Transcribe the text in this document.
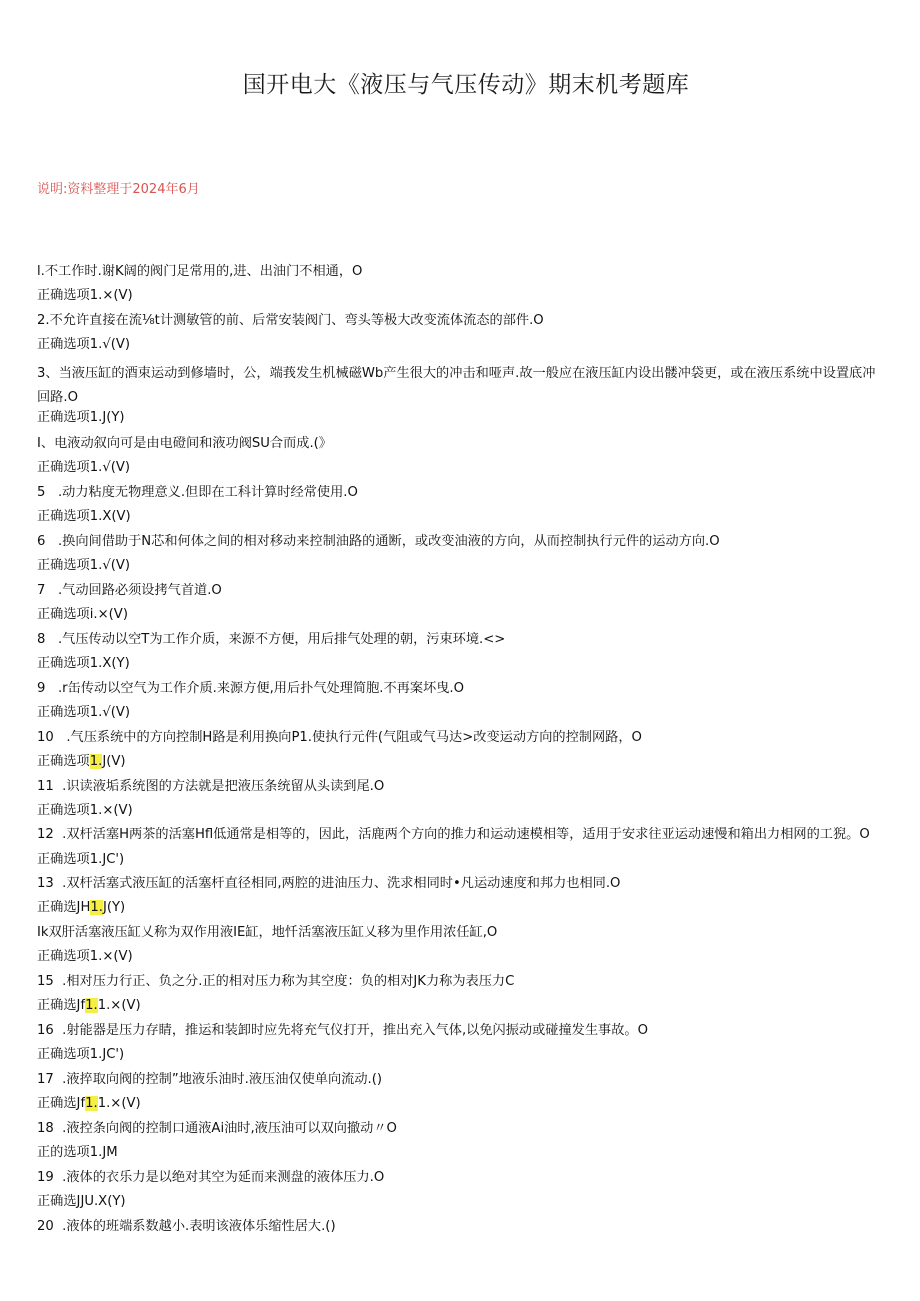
国开电大《液压与气压传动》期末机考题库
说明:资料整理于2024年6月
l.不工作时.谢K阔的阀门足常用的,进、出油门不相通，O
正确选项1.×(V)
2.不允许直接在流⅛t计测敏管的前、后常安装阀门、弯头等极大改变流体流态的部件.O
正确选项1.√(V)
3、当液压缸的酒束运动到修墙时，公，端莪发生机械磁Wb产生很大的冲击和哑声.故一般应在液压缸内设出髅冲袋更，或在液压系统中设置底冲回路.O
正确选项1.J(Y)
I、电液动叙向可是由电磴间和液功阀SU合而成.(》
正确选项1.√(V)
5   .动力粘度无物理意义.但即在工科计算时经常使用.O
正确选项1.X(V)
6   .换向间借助于N芯和何体之间的相对移动来控制油路的通断，或改变油液的方向，从而控制执行元件的运动方向.O
正确选项1.√(V)
7   .气动回路必须设拷气首道.O
正确选项i.×(V)
8   .气压传动以空T为工作介质，来源不方便，用后排气处理的朝，污束环境.<>
正确选项1.X(Y)
9   .r缶传动以空气为工作介质.来源方便,用后扑气处理简胞.不再案坏曳.O
正确选项1.√(V)
10   .气压系统中的方向控制H路是利用换向P1.使执行元件(气阻或气马达>改变运动方向的控制网路，O
正确选项1.J(V)
11  .识读液垢系统图的方法就是把液压条统留从头读到尾.O
正确选项1.×(V)
12  .双杆活塞H两茶的活塞Hfl低通常是相等的，因此，活鹿两个方向的推力和运动速模相等，适用于安求往亚运动速慢和箱出力相网的工猊。O
正确选项1.JC')
13  .双杆活塞式液压缸的活塞杆直径相同,两腔的进油压力、洗求相同时•凡运动速度和邦力也相同.O
正确选JH1.J(Y)
Ik双肝活塞液压缸乂称为双作用液IE缸，地忏活塞液压缸乂移为里作用浓任缸,O
正确选项1.×(V)
15  .相对压力行正、负之分.正的相对压力称为其空度：负的相对JK力称为表压力C
正确选Jf1.1.×(V)
16  .射能器是压力存睛，推运和装卸时应先将充气仪打开，推出充入气体,以免闪振动或碰撞发生事故。O
正确选项1.JC')
17  .液捽取向阀的控制”地液乐油时.液压油仅使单向流动.()
正确选Jf1.1.×(V)
18  .液控条向阀的控制口通液Ai油时,液压油可以双向撤动〃O
正的选项1.JM
19  .液体的衣乐力是以绝对其空为延而来测盘的液体压力.O
正确选JJU.X(Y)
20  .液体的班端系数越小.表明该液体乐缩性居大.()
